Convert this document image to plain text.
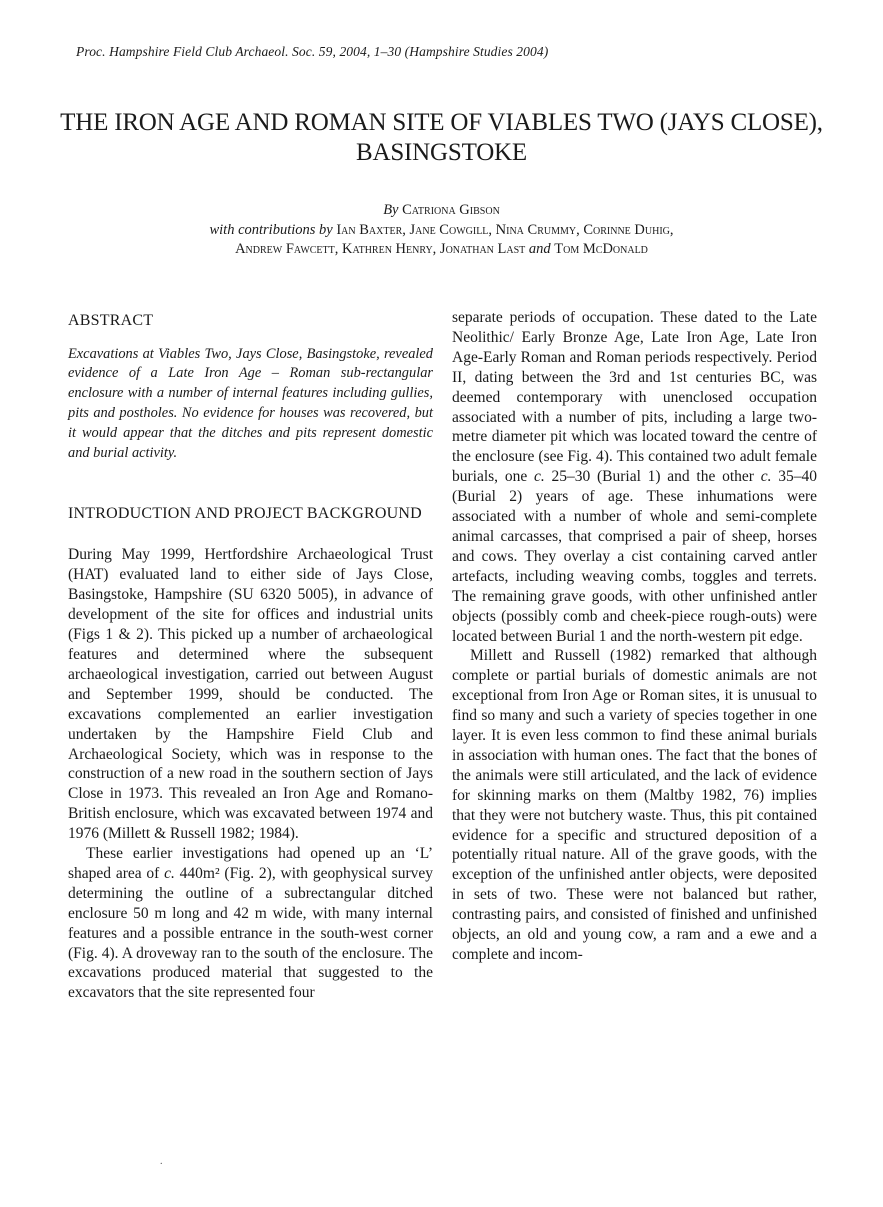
Proc. Hampshire Field Club Archaeol. Soc. 59, 2004, 1–30 (Hampshire Studies 2004)
THE IRON AGE AND ROMAN SITE OF VIABLES TWO (JAYS CLOSE), BASINGSTOKE
By Catriona Gibson
with contributions by Ian Baxter, Jane Cowgill, Nina Crummy, Corinne Duhig,
Andrew Fawcett, Kathren Henry, Jonathan Last and Tom McDonald
ABSTRACT

Excavations at Viables Two, Jays Close, Basingstoke, revealed evidence of a Late Iron Age – Roman sub-rectangular enclosure with a number of internal features including gullies, pits and postholes. No evidence for houses was recovered, but it would appear that the ditches and pits represent domestic and burial activity.

INTRODUCTION AND PROJECT BACKGROUND

During May 1999, Hertfordshire Archaeological Trust (HAT) evaluated land to either side of Jays Close, Basingstoke, Hampshire (SU 6320 5005), in advance of development of the site for offices and industrial units (Figs 1 & 2). This picked up a number of archaeological features and determined where the subsequent archaeological investigation, carried out between August and September 1999, should be conducted. The excavations complemented an earlier investigation undertaken by the Hampshire Field Club and Archaeological Society, which was in response to the construction of a new road in the southern section of Jays Close in 1973. This revealed an Iron Age and Romano-British enclosure, which was excavated between 1974 and 1976 (Millett & Russell 1982; 1984).

These earlier investigations had opened up an ‘L’ shaped area of c. 440m² (Fig. 2), with geophysical survey determining the outline of a subrectangular ditched enclosure 50 m long and 42 m wide, with many internal features and a possible entrance in the south-west corner (Fig. 4). A droveway ran to the south of the enclosure. The excavations produced material that suggested to the excavators that the site represented four

separate periods of occupation. These dated to the Late Neolithic/ Early Bronze Age, Late Iron Age, Late Iron Age-Early Roman and Roman periods respectively. Period II, dating between the 3rd and 1st centuries BC, was deemed contemporary with unenclosed occupation associated with a number of pits, including a large two-metre diameter pit which was located toward the centre of the enclosure (see Fig. 4). This contained two adult female burials, one c. 25–30 (Burial 1) and the other c. 35–40 (Burial 2) years of age. These inhumations were associated with a number of whole and semi-complete animal carcasses, that comprised a pair of sheep, horses and cows. They overlay a cist containing carved antler artefacts, including weaving combs, toggles and terrets. The remaining grave goods, with other unfinished antler objects (possibly comb and cheek-piece rough-outs) were located between Burial 1 and the north-western pit edge.

Millett and Russell (1982) remarked that although complete or partial burials of domestic animals are not exceptional from Iron Age or Roman sites, it is unusual to find so many and such a variety of species together in one layer. It is even less common to find these animal burials in association with human ones. The fact that the bones of the animals were still articulated, and the lack of evidence for skinning marks on them (Maltby 1982, 76) implies that they were not butchery waste. Thus, this pit contained evidence for a specific and structured deposition of a potentially ritual nature. All of the grave goods, with the exception of the unfinished antler objects, were deposited in sets of two. These were not balanced but rather, contrasting pairs, and consisted of finished and unfinished objects, an old and young cow, a ram and a ewe and a complete and incom-

.
